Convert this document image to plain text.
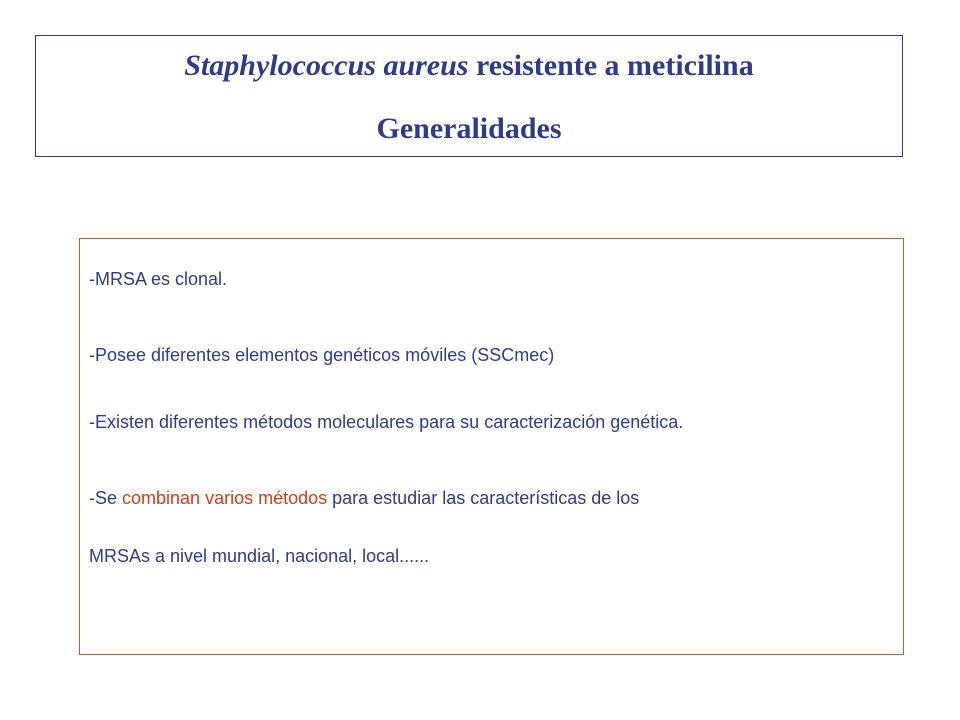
Staphylococcus aureus resistente a meticilina
Generalidades
-MRSA es clonal.
-Posee diferentes elementos genéticos móviles (SSCmec)
-Existen diferentes métodos moleculares para su caracterización genética.
-Se combinan varios métodos para estudiar las características de los
MRSAs a nivel mundial, nacional, local......
